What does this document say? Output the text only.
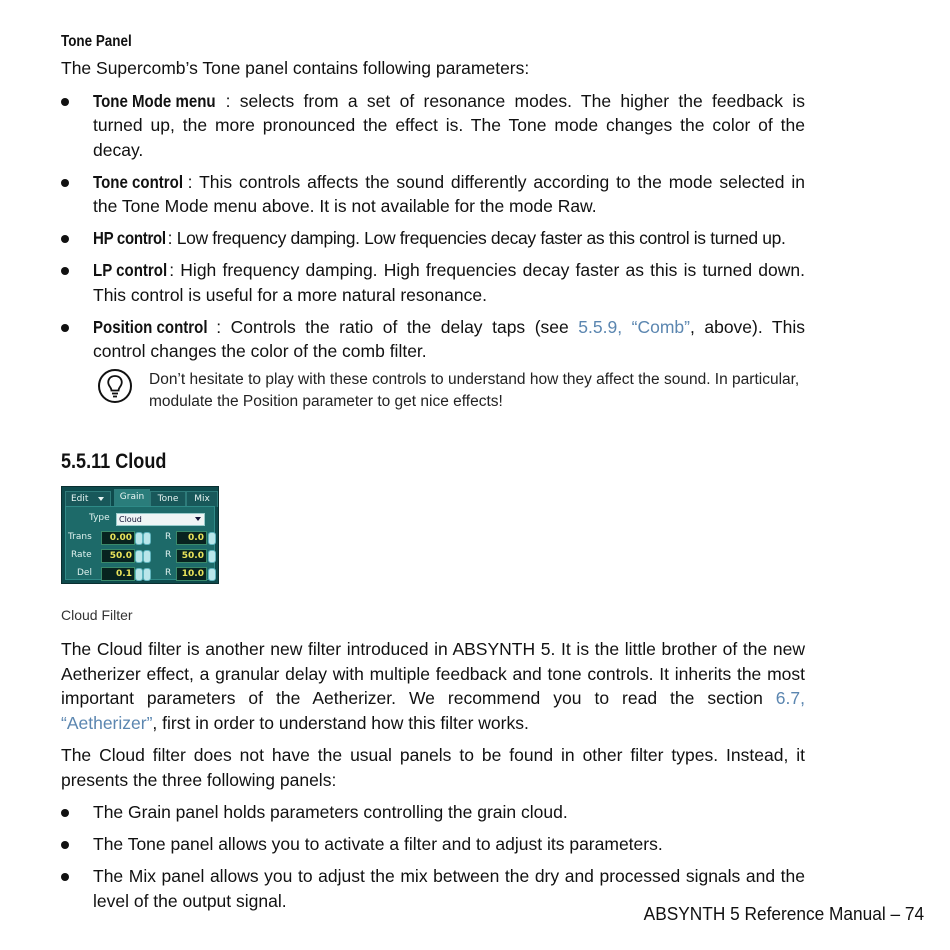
Tone Panel

The Supercomb’s Tone panel contains following parameters:

Tone Mode menu : selects from a set of resonance modes. The higher the feedback is turned up, the more pronounced the effect is. The Tone mode changes the color of the decay.
Tone control : This controls affects the sound differently according to the mode selected in the Tone Mode menu above. It is not available for the mode Raw.
HP control : Low frequency damping. Low frequencies decay faster as this control is turned up.
LP control : High frequency damping. High frequencies decay faster as this is turned down. This control is useful for a more natural resonance.
Position control : Controls the ratio of the delay taps (see 5.5.9, “Comb”, above). This control changes the color of the comb filter.
Don’t hesitate to play with these controls to understand how they affect the sound. In particular, modulate the Position parameter to get nice effects!
5.5.11 Cloud
Edit	Grain	Tone	Mix
Type	Cloud
Trans	0.00	R	0.0
Rate	50.0	R	50.0
Del	0.1	R	10.0
Cloud Filter

The Cloud filter is another new filter introduced in ABSYNTH 5. It is the little brother of the new Aetherizer effect, a granular delay with multiple feedback and tone controls. It inherits the most important parameters of the Aetherizer. We recommend you to read the section 6.7, “Aetherizer”, first in order to understand how this filter works.

The Cloud filter does not have the usual panels to be found in other filter types. Instead, it presents the three following panels:

The Grain panel holds parameters controlling the grain cloud.
The Tone panel allows you to activate a filter and to adjust its parameters.
The Mix panel allows you to adjust the mix between the dry and processed signals and the level of the output signal.
ABSYNTH 5 Reference Manual – 74
